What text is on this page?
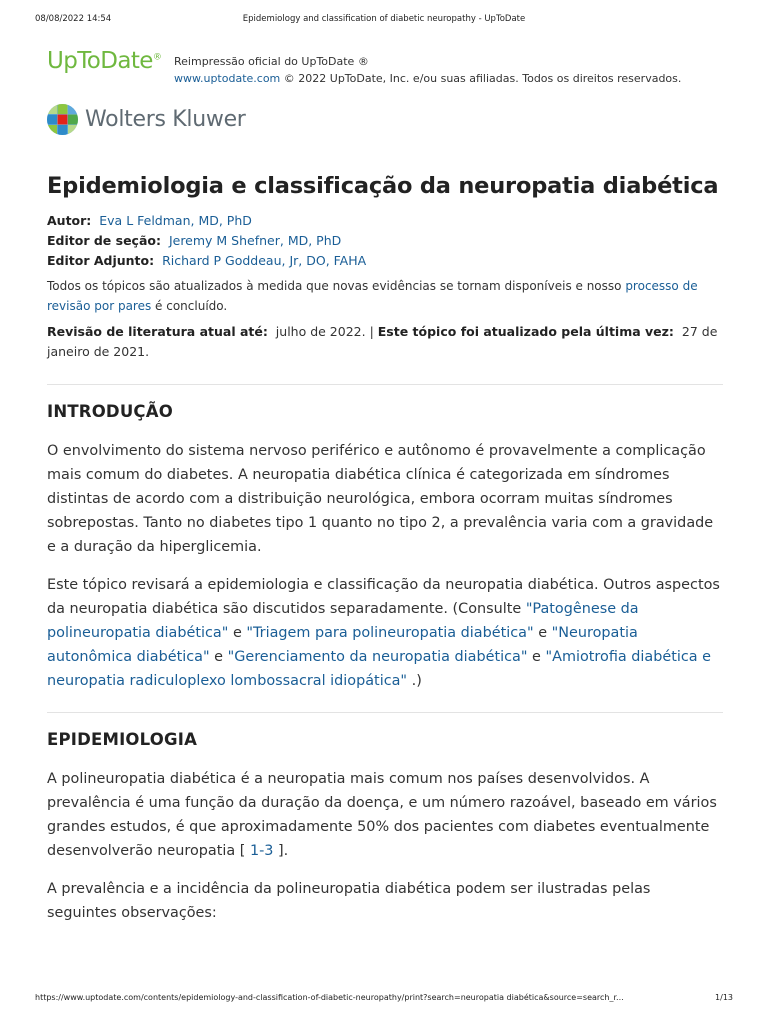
08/08/2022 14:54	Epidemiology and classification of diabetic neuropathy - UpToDate
UpToDate® Reimpressão oficial do UpToDate ®
www.uptodate.com © 2022 UpToDate, Inc. e/ou suas afiliadas. Todos os direitos reservados.
Wolters Kluwer
Epidemiologia e classificação da neuropatia diabética
Autor: Eva L Feldman, MD, PhD
Editor de seção: Jeremy M Shefner, MD, PhD
Editor Adjunto: Richard P Goddeau, Jr, DO, FAHA
Todos os tópicos são atualizados à medida que novas evidências se tornam disponíveis e nosso processo de revisão por pares é concluído.
Revisão de literatura atual até: julho de 2022. | Este tópico foi atualizado pela última vez: 27 de janeiro de 2021.
INTRODUÇÃO

O envolvimento do sistema nervoso periférico e autônomo é provavelmente a complicação mais comum do diabetes. A neuropatia diabética clínica é categorizada em síndromes distintas de acordo com a distribuição neurológica, embora ocorram muitas síndromes sobrepostas. Tanto no diabetes tipo 1 quanto no tipo 2, a prevalência varia com a gravidade e a duração da hiperglicemia.

Este tópico revisará a epidemiologia e classificação da neuropatia diabética. Outros aspectos da neuropatia diabética são discutidos separadamente. (Consulte "Patogênese da polineuropatia diabética" e "Triagem para polineuropatia diabética" e "Neuropatia autonômica diabética" e "Gerenciamento da neuropatia diabética" e "Amiotrofia diabética e neuropatia radiculoplexo lombossacral idiopática" .)

EPIDEMIOLOGIA

A polineuropatia diabética é a neuropatia mais comum nos países desenvolvidos. A prevalência é uma função da duração da doença, e um número razoável, baseado em vários grandes estudos, é que aproximadamente 50% dos pacientes com diabetes eventualmente desenvolverão neuropatia [ 1-3 ].

A prevalência e a incidência da polineuropatia diabética podem ser ilustradas pelas seguintes observações:

https://www.uptodate.com/contents/epidemiology-and-classification-of-diabetic-neuropathy/print?search=neuropatia diabética&source=search_r...	1/13
